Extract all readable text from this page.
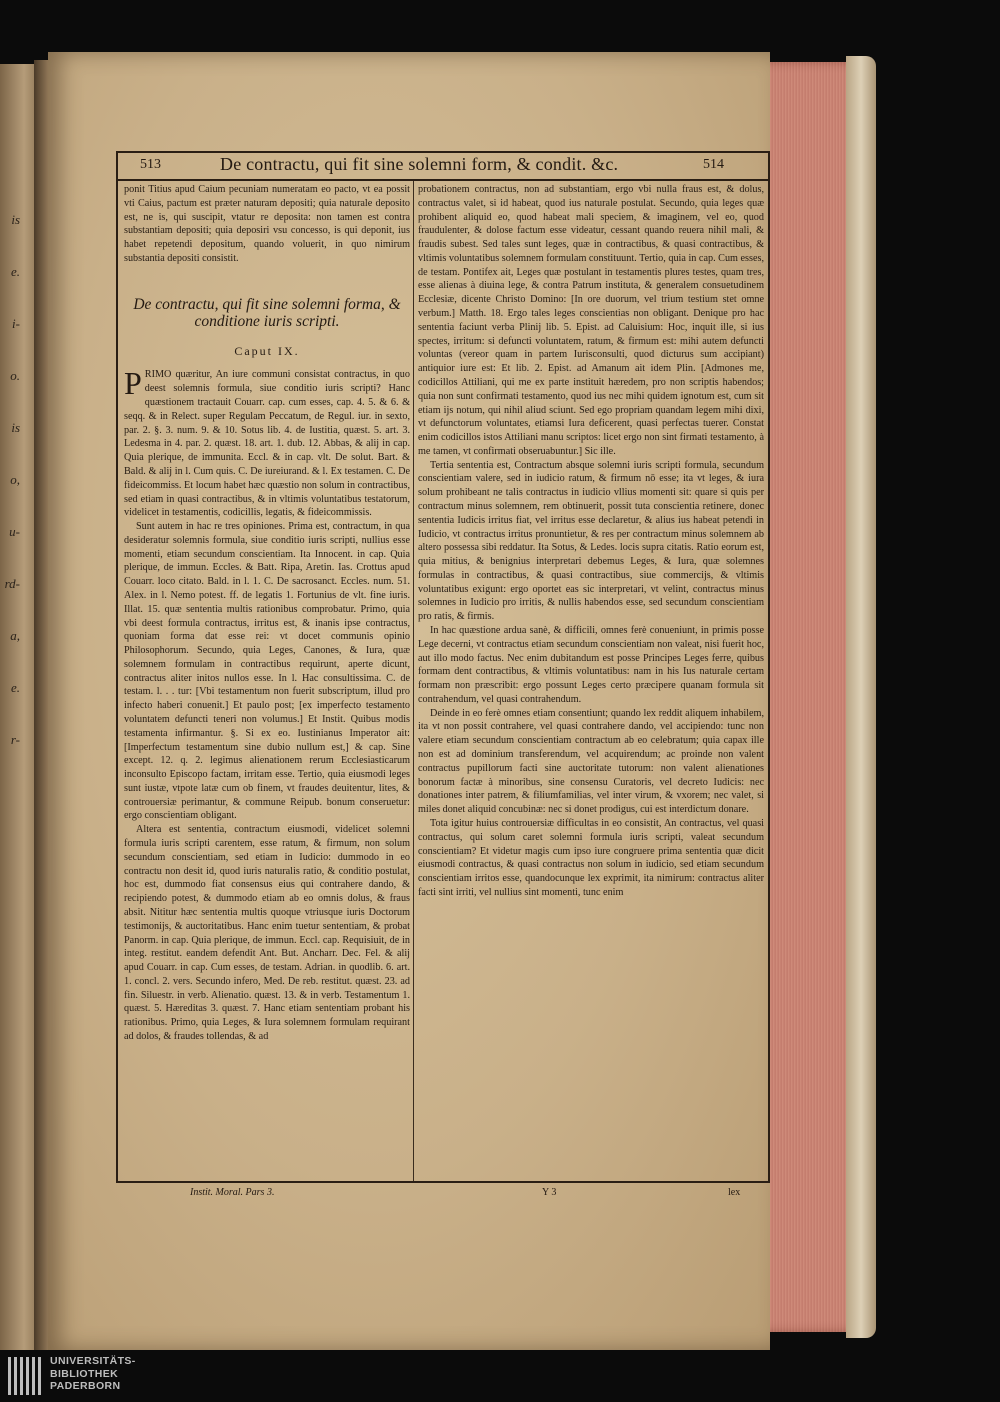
is
e.
i-
o.
is
o,
u-
rd-
a,
e.
r-
513	De contractu, qui fit sine solemni form, & condit. &c.	514

ponit Titius apud Caium pecuniam numeratam eo pacto, vt ea possit vti Caius, pactum est præter naturam depositi; quia naturale deposito est, ne is, qui suscipit, vtatur re deposita: non tamen est contra substantiam depositi; quia deposiri vsu concesso, is qui deponit, ius habet repetendi depositum, quando voluerit, in quo nimirum substantia depositi consistit.

De contractu, qui fit sine solemni forma, & conditione iuris scripti.
Caput IX.

PRIMO quæritur, An iure communi consistat contractus, in quo deest solemnis formula, siue conditio iuris scripti? Hanc quæstionem tractauit Couarr. cap. cum esses, cap. 4. 5. & 6. & seqq. & in Relect. super Regulam Peccatum, de Regul. iur. in sexto, par. 2. §. 3. num. 9. & 10. Sotus lib. 4. de Iustitia, quæst. 5. art. 3. Ledesma in 4. par. 2. quæst. 18. art. 1. dub. 12. Abbas, & alij in cap. Quia plerique, de immunita. Eccl. & in cap. vlt. De solut. Bart. & Bald. & alij in l. Cum quis. C. De iureiurand. & l. Ex testamen. C. De fideicommiss. Et locum habet hæc quæstio non solum in contractibus, sed etiam in quasi contractibus, & in vltimis voluntatibus testatorum, videlicet in testamentis, codicillis, legatis, & fideicommissis.

Sunt autem in hac re tres opiniones. Prima est, contractum, in qua desideratur solemnis formula, siue conditio iuris scripti, nullius esse momenti, etiam secundum conscientiam. Ita Innocent. in cap. Quia plerique, de immun. Eccles. & Batt. Ripa, Aretin. Ias. Crottus apud Couarr. loco citato. Bald. in l. 1. C. De sacrosanct. Eccles. num. 51. Alex. in l. Nemo potest. ff. de legatis 1. Fortunius de vlt. fine iuris. Illat. 15. quæ sententia multis rationibus comprobatur. Primo, quia vbi deest formula contractus, irritus est, & inanis ipse contractus, quoniam forma dat esse rei: vt docet communis opinio Philosophorum. Secundo, quia Leges, Canones, & Iura, quæ solemnem formulam in contractibus requirunt, aperte dicunt, contractus aliter initos nullos esse. In l. Hac consultissima. C. de testam. l. . . tur: [Vbi testamentum non fuerit subscriptum, illud pro infecto haberi conuenit.] Et paulo post; [ex imperfecto testamento voluntatem defuncti teneri non volumus.] Et Instit. Quibus modis testamenta infirmantur. §. Si ex eo. Iustinianus Imperator ait: [Imperfectum testamentum sine dubio nullum est,] & cap. Sine except. 12. q. 2. legimus alienationem rerum Ecclesiasticarum inconsulto Episcopo factam, irritam esse. Tertio, quia eiusmodi leges sunt iustæ, vtpote latæ cum ob finem, vt fraudes deuitentur, lites, & controuersiæ perimantur, & commune Reipub. bonum conseruetur: ergo conscientiam obligant.

Altera est sententia, contractum eiusmodi, videlicet solemni formula iuris scripti carentem, esse ratum, & firmum, non solum secundum conscientiam, sed etiam in Iudicio: dummodo in eo contractu non desit id, quod iuris naturalis ratio, & conditio postulat, hoc est, dummodo fiat consensus eius qui contrahere dando, & recipiendo potest, & dummodo etiam ab eo omnis dolus, & fraus absit. Nititur hæc sententia multis quoque vtriusque iuris Doctorum testimonijs, & auctoritatibus. Hanc enim tuetur sententiam, & probat Panorm. in cap. Quia plerique, de immun. Eccl. cap. Requisiuit, de in integ. restitut. eandem defendit Ant. But. Ancharr. Dec. Fel. & alij apud Couarr. in cap. Cum esses, de testam. Adrian. in quodlib. 6. art. 1. concl. 2. vers. Secundo infero, Med. De reb. restitut. quæst. 23. ad fin. Siluestr. in verb. Alienatio. quæst. 13. & in verb. Testamentum 1. quæst. 5. Hæreditas 3. quæst. 7. Hanc etiam sententiam probant his rationibus. Primo, quia Leges, & Iura solemnem formulam requirant ad dolos, & fraudes tollendas, & ad

probationem contractus, non ad substantiam, ergo vbi nulla fraus est, & dolus, contractus valet, si id habeat, quod ius naturale postulat. Secundo, quia leges quæ prohibent aliquid eo, quod habeat mali speciem, & imaginem, vel eo, quod fraudulenter, & dolose factum esse videatur, cessant quando reuera nihil mali, & fraudis subest. Sed tales sunt leges, quæ in contractibus, & quasi contractibus, & vltimis voluntatibus solemnem formulam constituunt. Tertio, quia in cap. Cum esses, de testam. Pontifex ait, Leges quæ postulant in testamentis plures testes, quam tres, esse alienas à diuina lege, & contra Patrum instituta, & generalem consuetudinem Ecclesiæ, dicente Christo Domino: [In ore duorum, vel trium testium stet omne verbum.] Matth. 18. Ergo tales leges conscientias non obligant. Denique pro hac sententia faciunt verba Plinij lib. 5. Epist. ad Caluisium: Hoc, inquit ille, si ius spectes, irritum: si defuncti voluntatem, ratum, & firmum est: mihi autem defuncti voluntas (vereor quam in partem Iurisconsulti, quod dicturus sum accipiant) antiquior iure est: Et lib. 2. Epist. ad Amanum ait idem Plin. [Admones me, codicillos Attiliani, qui me ex parte instituit hæredem, pro non scriptis habendos; quia non sunt confirmati testamento, quod ius nec mihi quidem ignotum est, cum sit etiam ijs notum, qui nihil aliud sciunt. Sed ego propriam quandam legem mihi dixi, vt defunctorum voluntates, etiamsi Iura deficerent, quasi perfectas tuerer. Constat enim codicillos istos Attiliani manu scriptos: licet ergo non sint firmati testamento, à me tamen, vt confirmati obseruabuntur.] Sic ille.

Tertia sententia est, Contractum absque solemni iuris scripti formula, secundum conscientiam valere, sed in iudicio ratum, & firmum nō esse; ita vt leges, & iura solum prohibeant ne talis contractus in iudicio vllius momenti sit: quare si quis per contractum minus solemnem, rem obtinuerit, possit tuta conscientia retinere, donec sententia Iudicis irritus fiat, vel irritus esse declaretur, & alius ius habeat petendi in Iudicio, vt contractus irritus pronuntietur, & res per contractum minus solemnem ab altero possessa sibi reddatur. Ita Sotus, & Ledes. locis supra citatis. Ratio eorum est, quia mitius, & benignius interpretari debemus Leges, & Iura, quæ solemnes formulas in contractibus, & quasi contractibus, siue commercijs, & vltimis voluntatibus exigunt: ergo oportet eas sic interpretari, vt velint, contractus minus solemnes in Iudicio pro irritis, & nullis habendos esse, sed secundum conscientiam pro ratis, & firmis.

In hac quæstione ardua sanè, & difficili, omnes ferè conueniunt, in primis posse Lege decerni, vt contractus etiam secundum conscientiam non valeat, nisi fuerit hoc, aut illo modo factus. Nec enim dubitandum est posse Principes Leges ferre, quibus formam dent contractibus, & vltimis voluntatibus: nam in his Ius naturale certam formam non præscribit: ergo possunt Leges certo præcipere quanam formula sit contrahendum, vel quasi contrahendum.

Deinde in eo ferè omnes etiam consentiunt; quando lex reddit aliquem inhabilem, ita vt non possit contrahere, vel quasi contrahere dando, vel accipiendo: tunc non valere etiam secundum conscientiam contractum ab eo celebratum; quia capax ille non est ad dominium transferendum, vel acquirendum; ac proinde non valent contractus pupillorum facti sine auctoritate tutorum: non valent alienationes bonorum factæ à minoribus, sine consensu Curatoris, vel decreto Iudicis: nec donationes inter patrem, & filiumfamilias, vel inter virum, & vxorem; nec valet, si miles donet aliquid concubinæ: nec si donet prodigus, cui est interdictum donare.

Tota igitur huius controuersiæ difficultas in eo consistit, An contractus, vel quasi contractus, qui solum caret solemni formula iuris scripti, valeat secundum conscientiam? Et videtur magis cum ipso iure congruere prima sententia quæ dicit eiusmodi contractus, & quasi contractus non solum in iudicio, sed etiam secundum conscientiam irritos esse, quandocunque lex exprimit, ita nimirum: contractus aliter facti sint irriti, vel nullius sint momenti, tunc enim

Instit. Moral. Pars 3.	Y 3	lex
UNIVERSITÄTS-
BIBLIOTHEK
PADERBORN
